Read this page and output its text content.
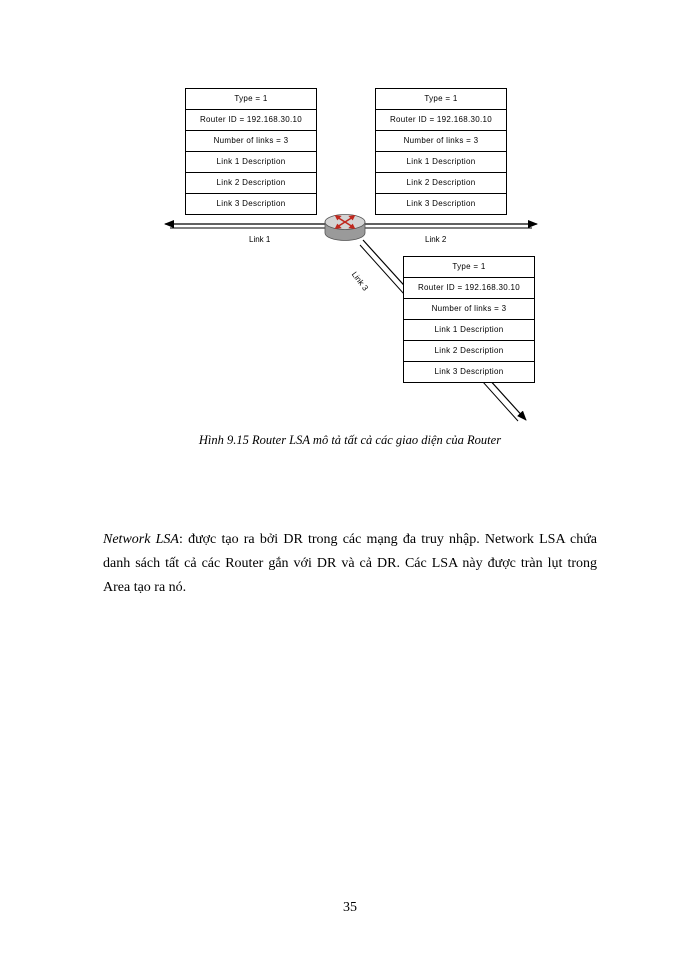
Type = 1
Router ID = 192.168.30.10
Number of links = 3
Link 1 Description
Link 2 Description
Link 3 Description
Type = 1
Router ID = 192.168.30.10
Number of links = 3
Link 1 Description
Link 2 Description
Link 3 Description
Type = 1
Router ID = 192.168.30.10
Number of links = 3
Link 1 Description
Link 2 Description
Link 3 Description
Link 1	Link 2
Link 3
Hình 9.15 Router LSA mô tả tất cả các giao diện của Router

Network LSA: được tạo ra bởi DR trong các mạng đa truy nhập. Network LSA chứa danh sách tất cả các Router gắn với DR và cả DR. Các LSA này được tràn lụt trong Area tạo ra nó.

35
